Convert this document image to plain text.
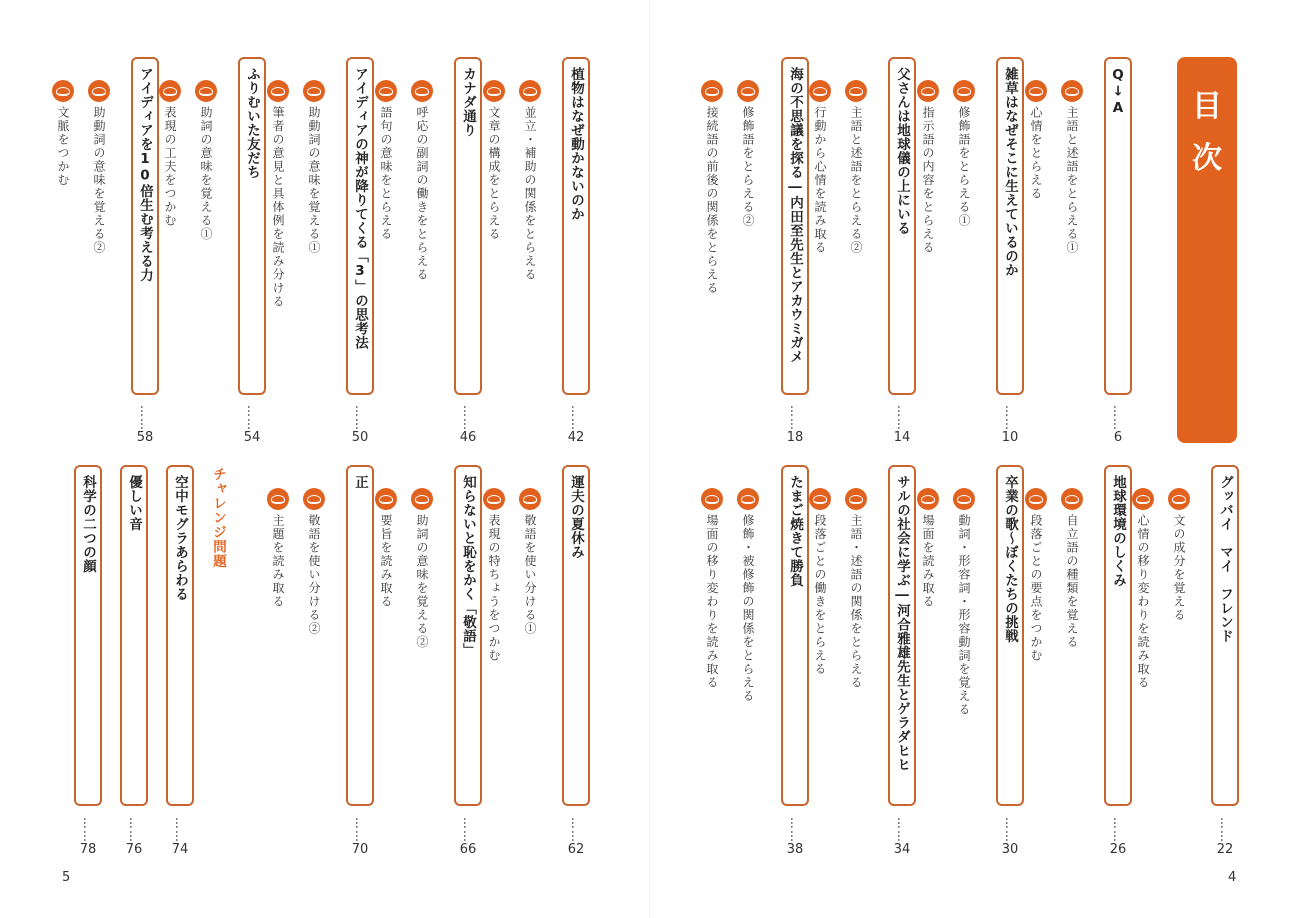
目
次
チャレンジ問題
5	4
Q↓A
主語と述語をとらえる①
心情をとらえる
……
6
雑草はなぜそこに生えているのか
修飾語をとらえる①
指示語の内容をとらえる
……
10
父さんは地球儀の上にいる
主語と述語をとらえる②
行動から心情を読み取る
……
14
海の不思議を探る―内田至先生とアカウミガメ
修飾語をとらえる②
接続語の前後の関係をとらえる
……
18
植物はなぜ動かないのか
並立・補助の関係をとらえる
文章の構成をとらえる
……
42
カナダ通り
呼応の副詞の働きをとらえる
語句の意味をとらえる
……
46
アイディアの神が降りてくる「3」の思考法
助動詞の意味を覚える①
筆者の意見と具体例を読み分ける
……
50
ふりむいた友だち
助詞の意味を覚える①
表現の工夫をつかむ
……
54
アイディアを10倍生む考える力
助動詞の意味を覚える②
文脈をつかむ
……
58
グッバイ　マイ　フレンド
文の成分を覚える
心情の移り変わりを読み取る
……
22
地球環境のしくみ
自立語の種類を覚える
段落ごとの要点をつかむ
……
26
卒業の歌～ぼくたちの挑戦
動詞・形容詞・形容動詞を覚える
場面を読み取る
……
30
サルの社会に学ぶ―河合雅雄先生とゲラダヒヒ
主語・述語の関係をとらえる
段落ごとの働きをとらえる
……
34
たまご焼きて勝負
修飾・被修飾の関係をとらえる
場面の移り変わりを読み取る
……
38
運夫の夏休み
敬語を使い分ける①
表現の特ちょうをつかむ
……
62
知らないと恥をかく「敬語」
助詞の意味を覚える②
要旨を読み取る
……
66
正
敬語を使い分ける②
主題を読み取る
……
70
空中モグラあらわる
……
74
優しい音
……
76
科学の二つの顔
……
78
